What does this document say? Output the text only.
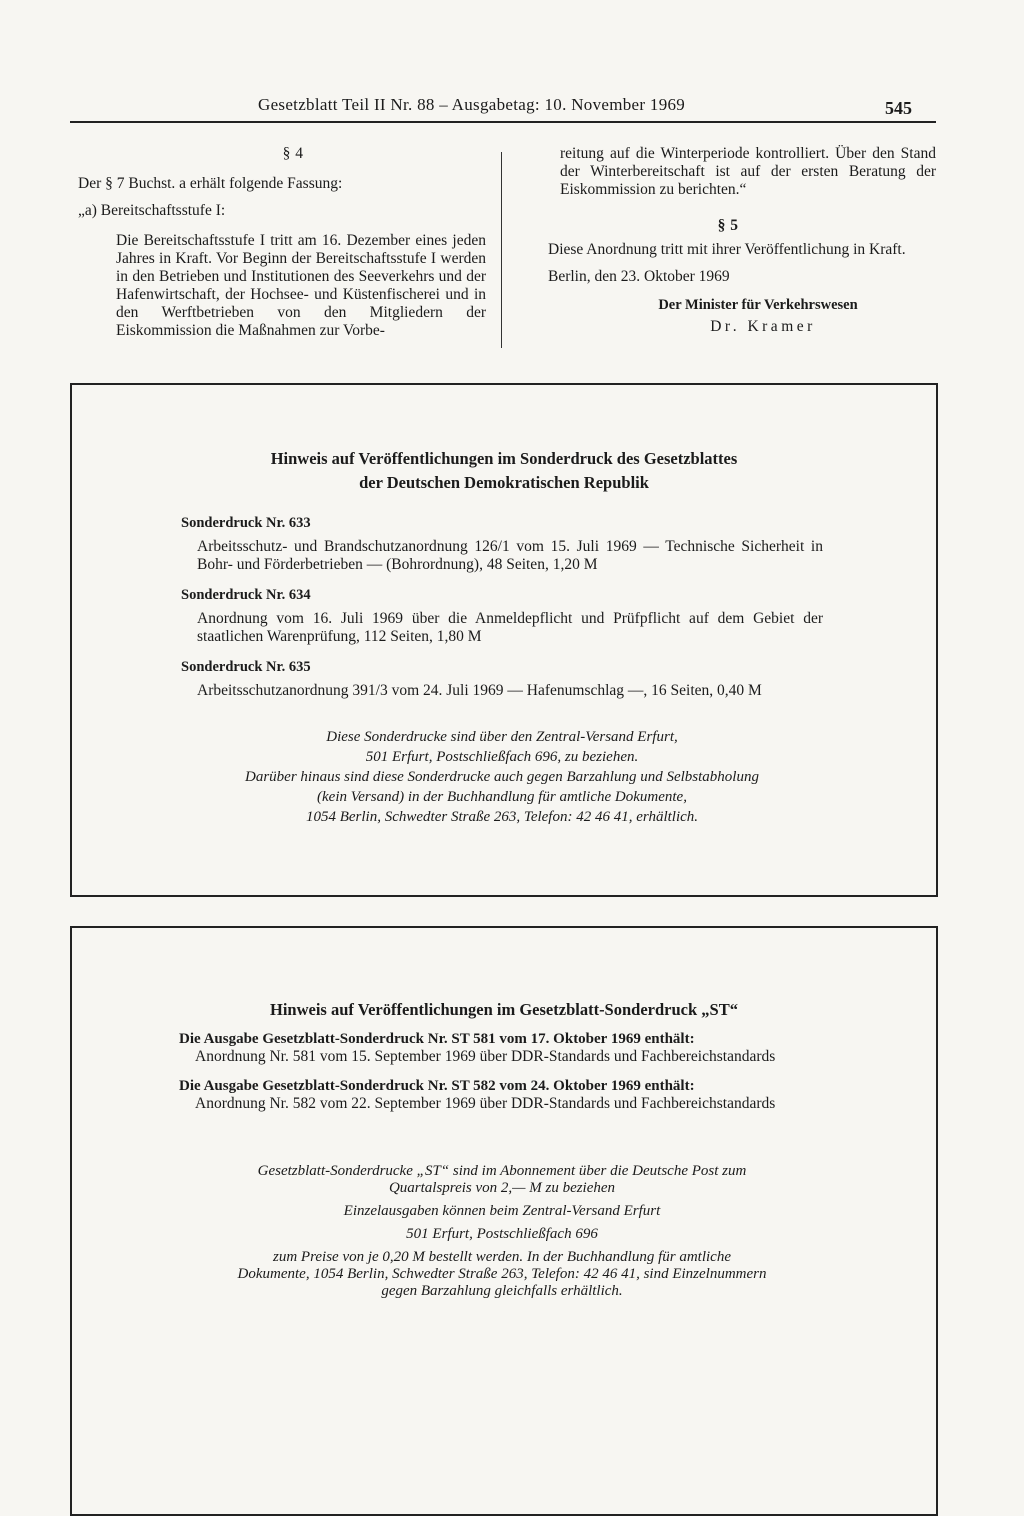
Gesetzblatt Teil II Nr. 88 – Ausgabetag: 10. November 1969	545

§ 4

Der § 7 Buchst. a erhält folgende Fassung:

„a) Bereitschaftsstufe I:

Die Bereitschaftsstufe I tritt am 16. Dezember eines jeden Jahres in Kraft. Vor Beginn der Bereitschaftsstufe I werden in den Betrieben und Institutionen des Seeverkehrs und der Hafenwirtschaft, der Hochsee- und Küstenfischerei und in den Werftbetrieben von den Mitgliedern der Eiskommission die Maßnahmen zur Vorbe-

reitung auf die Winterperiode kontrolliert. Über den Stand der Winterbereitschaft ist auf der ersten Beratung der Eiskommission zu berichten.“

§ 5

Diese Anordnung tritt mit ihrer Veröffentlichung in Kraft.

Berlin, den 23. Oktober 1969

Der Minister für Verkehrswesen

Dr. Kramer

Hinweis auf Veröffentlichungen im Sonderdruck des Gesetzblattes
der Deutschen Demokratischen Republik
Sonderdruck Nr. 633
Arbeitsschutz- und Brandschutzanordnung 126/1 vom 15. Juli 1969 — Technische Sicherheit in Bohr- und Förderbetrieben — (Bohrordnung), 48 Seiten, 1,20 M
Sonderdruck Nr. 634
Anordnung vom 16. Juli 1969 über die Anmeldepflicht und Prüfpflicht auf dem Gebiet der staatlichen Warenprüfung, 112 Seiten, 1,80 M
Sonderdruck Nr. 635
Arbeitsschutzanordnung 391/3 vom 24. Juli 1969 — Hafenumschlag —, 16 Seiten, 0,40 M
Diese Sonderdrucke sind über den Zentral-Versand Erfurt,
501 Erfurt, Postschließfach 696, zu beziehen.
Darüber hinaus sind diese Sonderdrucke auch gegen Barzahlung und Selbstabholung
(kein Versand) in der Buchhandlung für amtliche Dokumente,
1054 Berlin, Schwedter Straße 263, Telefon: 42 46 41, erhältlich.
Hinweis auf Veröffentlichungen im Gesetzblatt-Sonderdruck „ST“
Die Ausgabe Gesetzblatt-Sonderdruck Nr. ST 581 vom 17. Oktober 1969 enthält:
Anordnung Nr. 581 vom 15. September 1969 über DDR-Standards und Fachbereichstandards
Die Ausgabe Gesetzblatt-Sonderdruck Nr. ST 582 vom 24. Oktober 1969 enthält:
Anordnung Nr. 582 vom 22. September 1969 über DDR-Standards und Fachbereichstandards
Gesetzblatt-Sonderdrucke „ST“ sind im Abonnement über die Deutsche Post zum
Quartalspreis von 2,— M zu beziehen
Einzelausgaben können beim Zentral-Versand Erfurt
501 Erfurt, Postschließfach 696
zum Preise von je 0,20 M bestellt werden. In der Buchhandlung für amtliche
Dokumente, 1054 Berlin, Schwedter Straße 263, Telefon: 42 46 41, sind Einzelnummern
gegen Barzahlung gleichfalls erhältlich.
